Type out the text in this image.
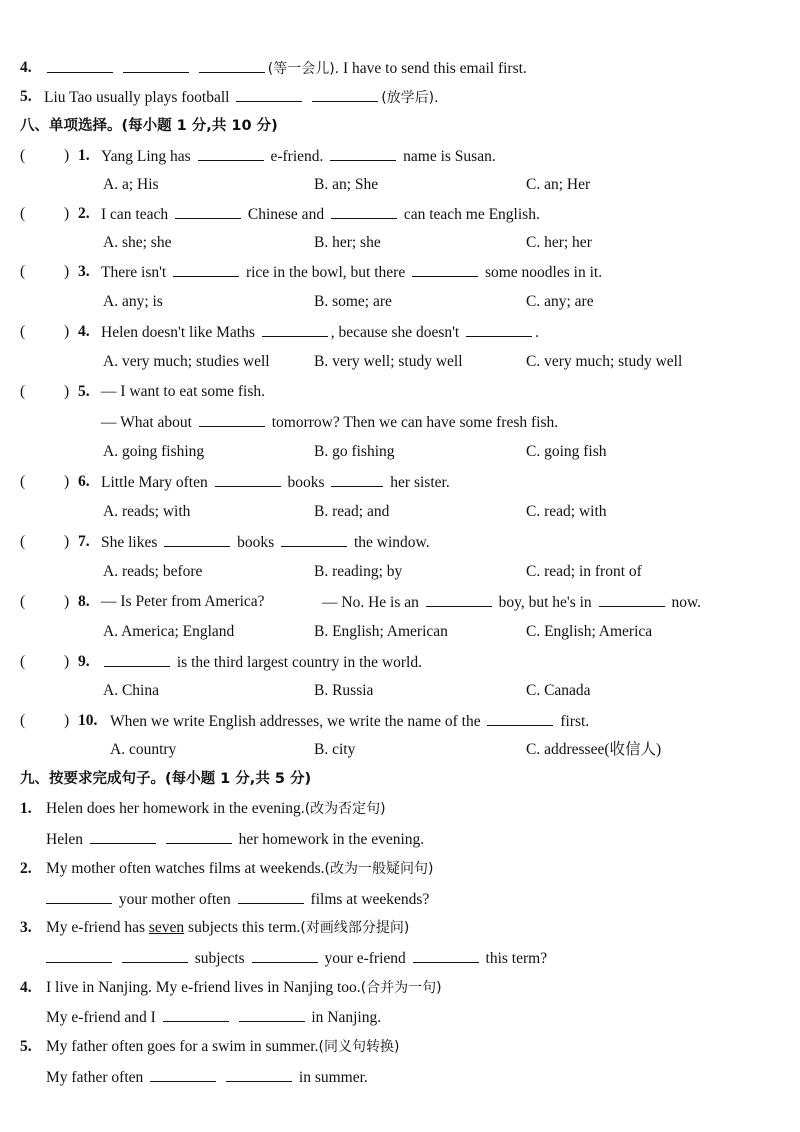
4.	(等一会儿). I have to send this email first.
5. Liu Tao usually plays football	(放学后).
八、单项选择。(每小题 1 分,共 10 分)
(	) 1. Yang Ling has	e-friend.	name is Susan.
A. a; His	B. an; She	C. an; Her
(	) 2. I can teach	Chinese and	can teach me English.
A. she; she	B. her; she	C. her; her
(	) 3. There isn't	rice in the bowl, but there	some noodles in it.
A. any; is	B. some; are	C. any; are
(	) 4. Helen doesn't like Maths	, because she doesn't	.
A. very much; studies well	B. very well; study well	C. very much; study well
(	) 5. — I want to eat some fish.
— What about	tomorrow? Then we can have some fresh fish.
A. going fishing	B. go fishing	C. going fish
(	) 6. Little Mary often	books	her sister.
A. reads; with	B. read; and	C. read; with
(	) 7. She likes	books	the window.
A. reads; before	B. reading; by	C. read; in front of
(	) 8. — Is Peter from America?	— No. He is an	boy, but he's in	now.
A. America; England	B. English; American	C. English; America
(	) 9.	is the third largest country in the world.
A. China	B. Russia	C. Canada
(	) 10. When we write English addresses, we write the name of the	first.
A. country	B. city	C. addressee(收信人)
九、按要求完成句子。(每小题 1 分,共 5 分)
1. Helen does her homework in the evening.(改为否定句)
Helen	her homework in the evening.
2. My mother often watches films at weekends.(改为一般疑问句)
your mother often	films at weekends?
3. My e-friend has seven subjects this term.(对画线部分提问)
subjects	your e-friend	this term?
4. I live in Nanjing. My e-friend lives in Nanjing too.(合并为一句)
My e-friend and I	in Nanjing.
5. My father often goes for a swim in summer.(同义句转换)
My father often	in summer.
